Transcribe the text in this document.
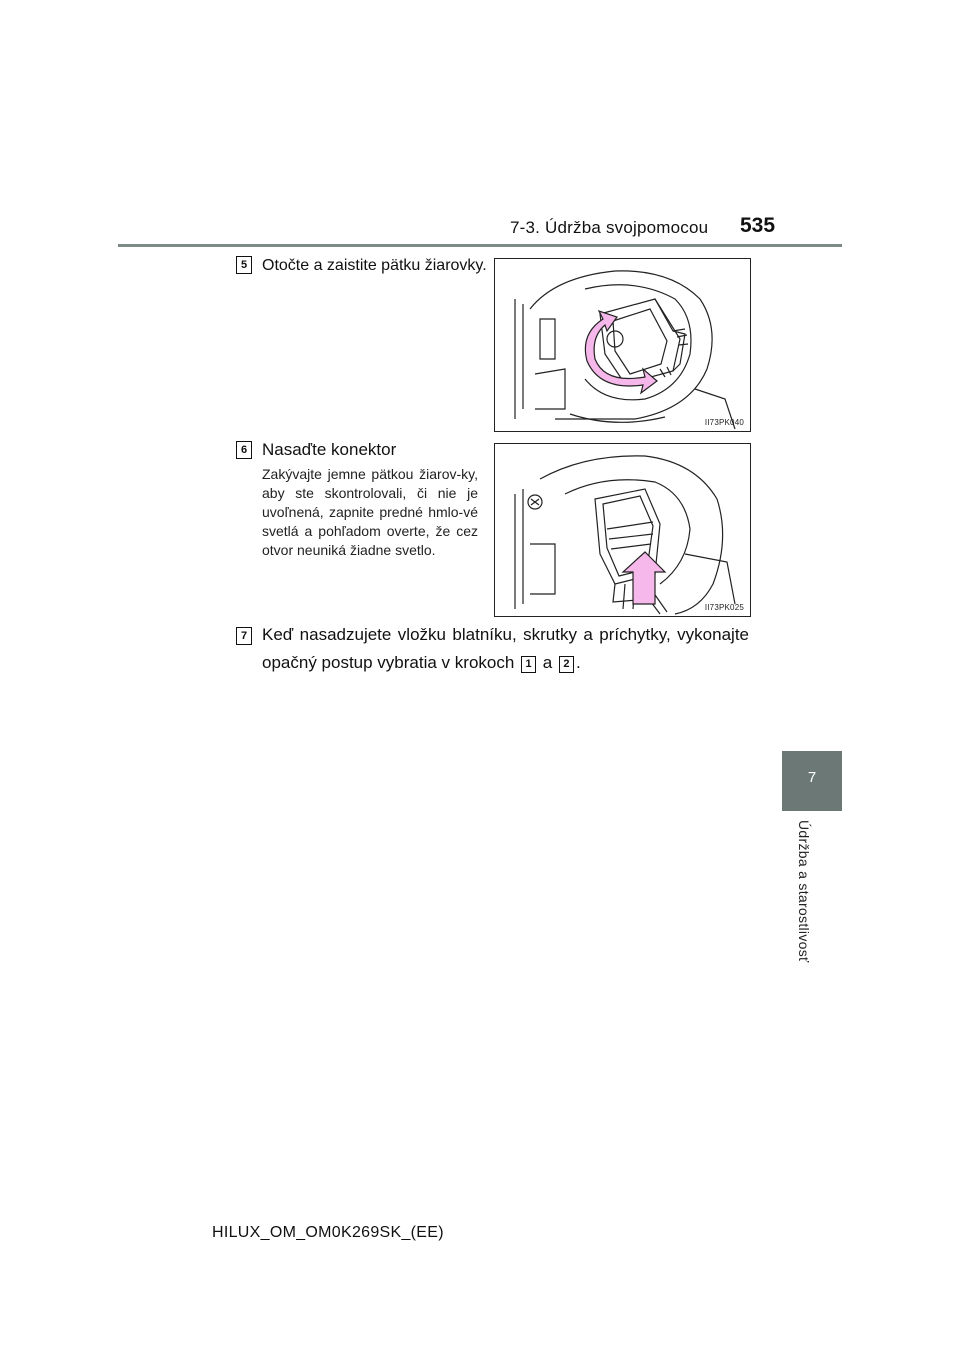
7-3. Údržba svojpomocou 535
7
Údržba a starostlivosť
5 Otočte a zaistite pätku žiarovky.
II73PK040
6 Nasaďte konektor
Zakývajte jemne pätkou žiarov-ky, aby ste skontrolovali, či nie je uvoľnená, zapnite predné hmlo-vé svetlá a pohľadom overte, že cez otvor neuniká žiadne svetlo.
II73PK025
7 Keď nasadzujete vložku blatníku, skrutky a príchytky, vykonajte opačný postup vybratia v krokoch 1 a 2 .
HILUX_OM_OM0K269SK_(EE)
